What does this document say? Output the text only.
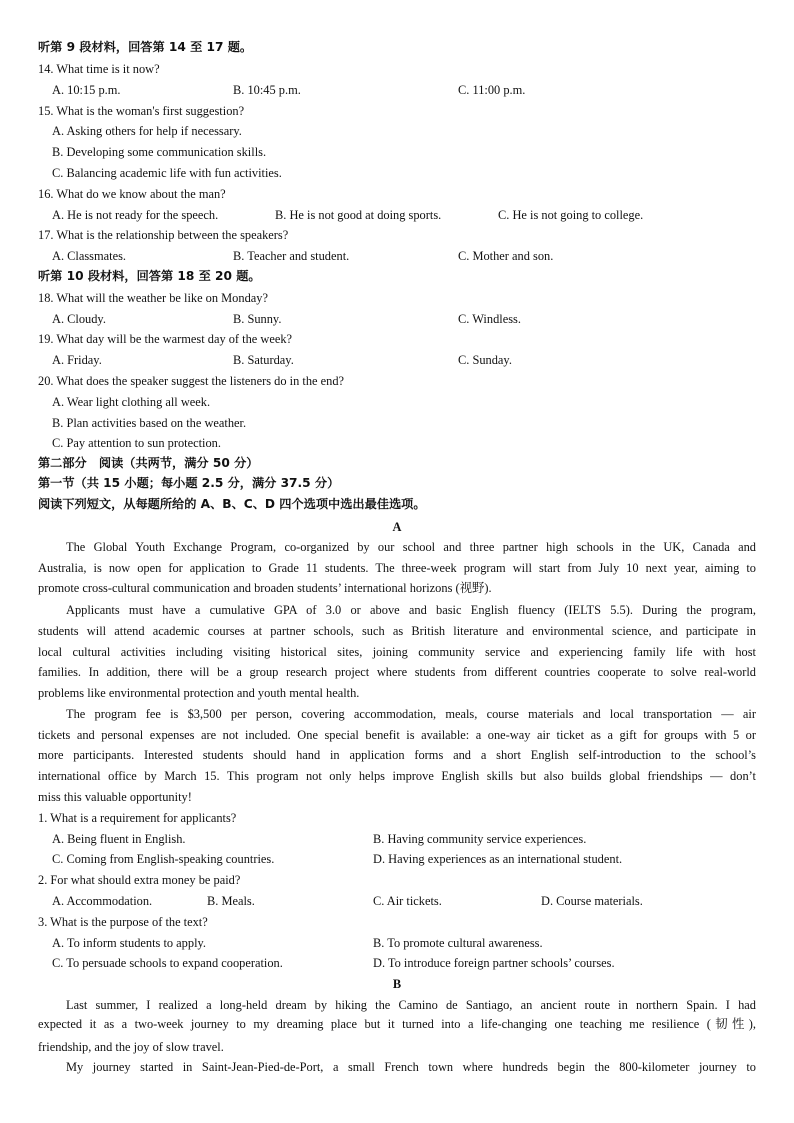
听第 9 段材料，回答第 14 至 17 题。
14. What time is it now?
A. 10:15 p.m.	B. 10:45 p.m.	C. 11:00 p.m.
15. What is the woman's first suggestion?
A. Asking others for help if necessary.
B. Developing some communication skills.
C. Balancing academic life with fun activities.
16. What do we know about the man?
A. He is not ready for the speech.	B. He is not good at doing sports.	C. He is not going to college.
17. What is the relationship between the speakers?
A. Classmates.	B. Teacher and student.	C. Mother and son.
听第 10 段材料，回答第 18 至 20 题。
18. What will the weather be like on Monday?
A. Cloudy.	B. Sunny.	C. Windless.
19. What day will be the warmest day of the week?
A. Friday.	B. Saturday.	C. Sunday.
20. What does the speaker suggest the listeners do in the end?
A. Wear light clothing all week.
B. Plan activities based on the weather.
C. Pay attention to sun protection.
第二部分　阅读（共两节，满分 50 分）
第一节（共 15 小题；每小题 2.5 分，满分 37.5 分）
阅读下列短文，从每题所给的 A、B、C、D 四个选项中选出最佳选项。
A
The Global Youth Exchange Program, co-organized by our school and three partner high schools in the UK, Canada and
Australia, is now open for application to Grade 11 students. The three-week program will start from July 10 next year, aiming to
promote cross-cultural communication and broaden students’ international horizons (视野).
Applicants must have a cumulative GPA of 3.0 or above and basic English fluency (IELTS 5.5). During the program,
students will attend academic courses at partner schools, such as British literature and environmental science, and participate in
local cultural activities including visiting historical sites, joining community service and experiencing family life with host
families. In addition, there will be a group research project where students from different countries cooperate to solve real-world
problems like environmental protection and youth mental health.
The program fee is $3,500 per person, covering accommodation, meals, course materials and local transportation — air
tickets and personal expenses are not included. One special benefit is available: a one-way air ticket as a gift for groups with 5 or
more participants. Interested students should hand in application forms and a short English self-introduction to the school’s
international office by March 15. This program not only helps improve English skills but also builds global friendships — don’t
miss this valuable opportunity!
1. What is a requirement for applicants?
A. Being fluent in English.	B. Having community service experiences.
C. Coming from English-speaking countries.	D. Having experiences as an international student.
2. For what should extra money be paid?
A. Accommodation.	B. Meals.	C. Air tickets.	D. Course materials.
3. What is the purpose of the text?
A. To inform students to apply.	B. To promote cultural awareness.
C. To persuade schools to expand cooperation.	D. To introduce foreign partner schools’ courses.
B
Last summer, I realized a long-held dream by hiking the Camino de Santiago, an ancient route in northern Spain. I had
expected it as a two-week journey to my dreaming place but it turned into a life-changing one teaching me resilience (韧性),
friendship, and the joy of slow travel.
My journey started in Saint-Jean-Pied-de-Port, a small French town where hundreds begin the 800-kilometer journey to
